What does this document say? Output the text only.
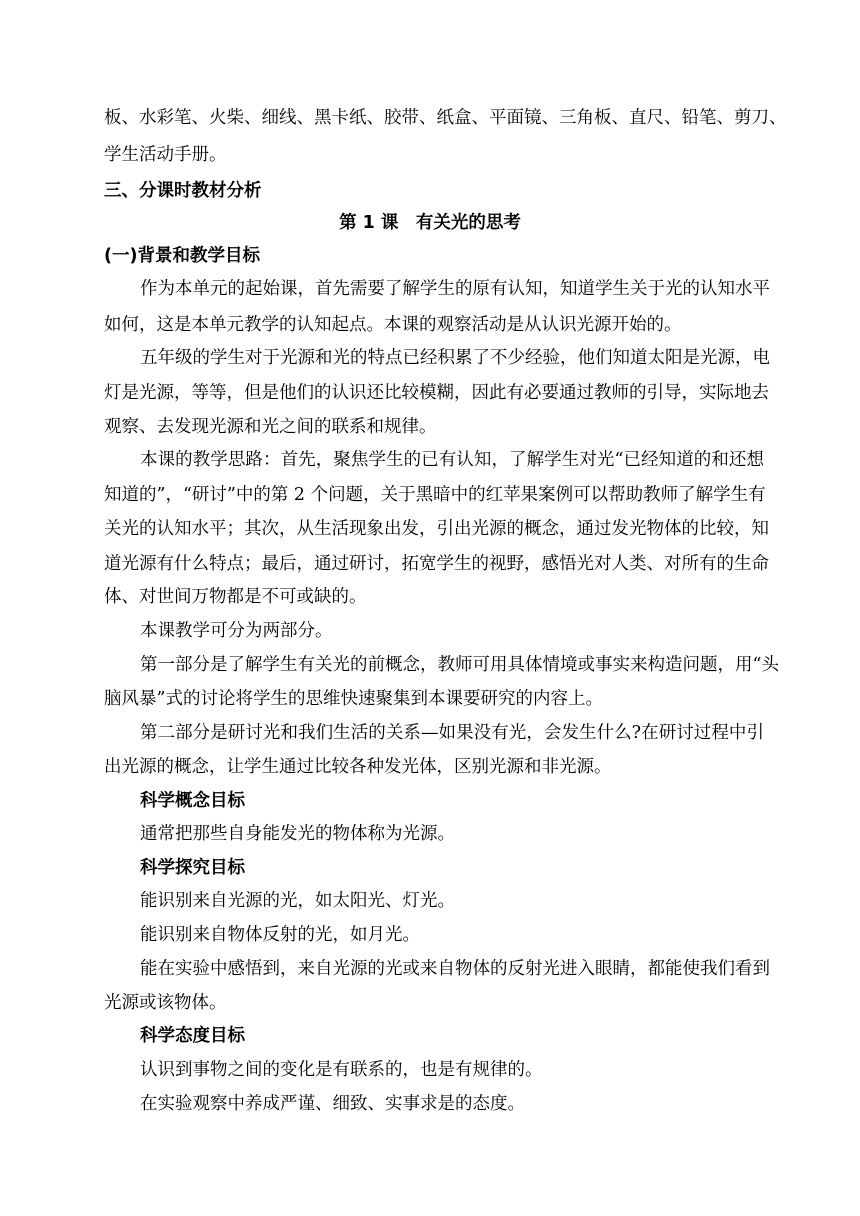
板、水彩笔、火柴、细线、黑卡纸、胶带、纸盒、平面镜、三角板、直尺、铅笔、剪刀、
学生活动手册。
三、分课时教材分析
第 1 课　有关光的思考
(一)背景和教学目标
作为本单元的起始课，首先需要了解学生的原有认知，知道学生关于光的认知水平
如何，这是本单元教学的认知起点。本课的观察活动是从认识光源开始的。
五年级的学生对于光源和光的特点已经积累了不少经验，他们知道太阳是光源，电
灯是光源，等等，但是他们的认识还比较模糊，因此有必要通过教师的引导，实际地去
观察、去发现光源和光之间的联系和规律。
本课的教学思路：首先，聚焦学生的已有认知，了解学生对光“已经知道的和还想
知道的”，“研讨”中的第 2 个问题，关于黑暗中的红苹果案例可以帮助教师了解学生有
关光的认知水平；其次，从生活现象出发，引出光源的概念，通过发光物体的比较，知
道光源有什么特点；最后，通过研讨，拓宽学生的视野，感悟光对人类、对所有的生命
体、对世间万物都是不可或缺的。
本课教学可分为两部分。
第一部分是了解学生有关光的前概念，教师可用具体情境或事实来构造问题，用“头
脑风暴”式的讨论将学生的思维快速聚集到本课要研究的内容上。
第二部分是研讨光和我们生活的关系—如果没有光，会发生什么?在研讨过程中引
出光源的概念，让学生通过比较各种发光体，区别光源和非光源。
科学概念目标
通常把那些自身能发光的物体称为光源。
科学探究目标
能识别来自光源的光，如太阳光、灯光。
能识别来自物体反射的光，如月光。
能在实验中感悟到，来自光源的光或来自物体的反射光进入眼睛，都能使我们看到
光源或该物体。
科学态度目标
认识到事物之间的变化是有联系的，也是有规律的。
在实验观察中养成严谨、细致、实事求是的态度。
